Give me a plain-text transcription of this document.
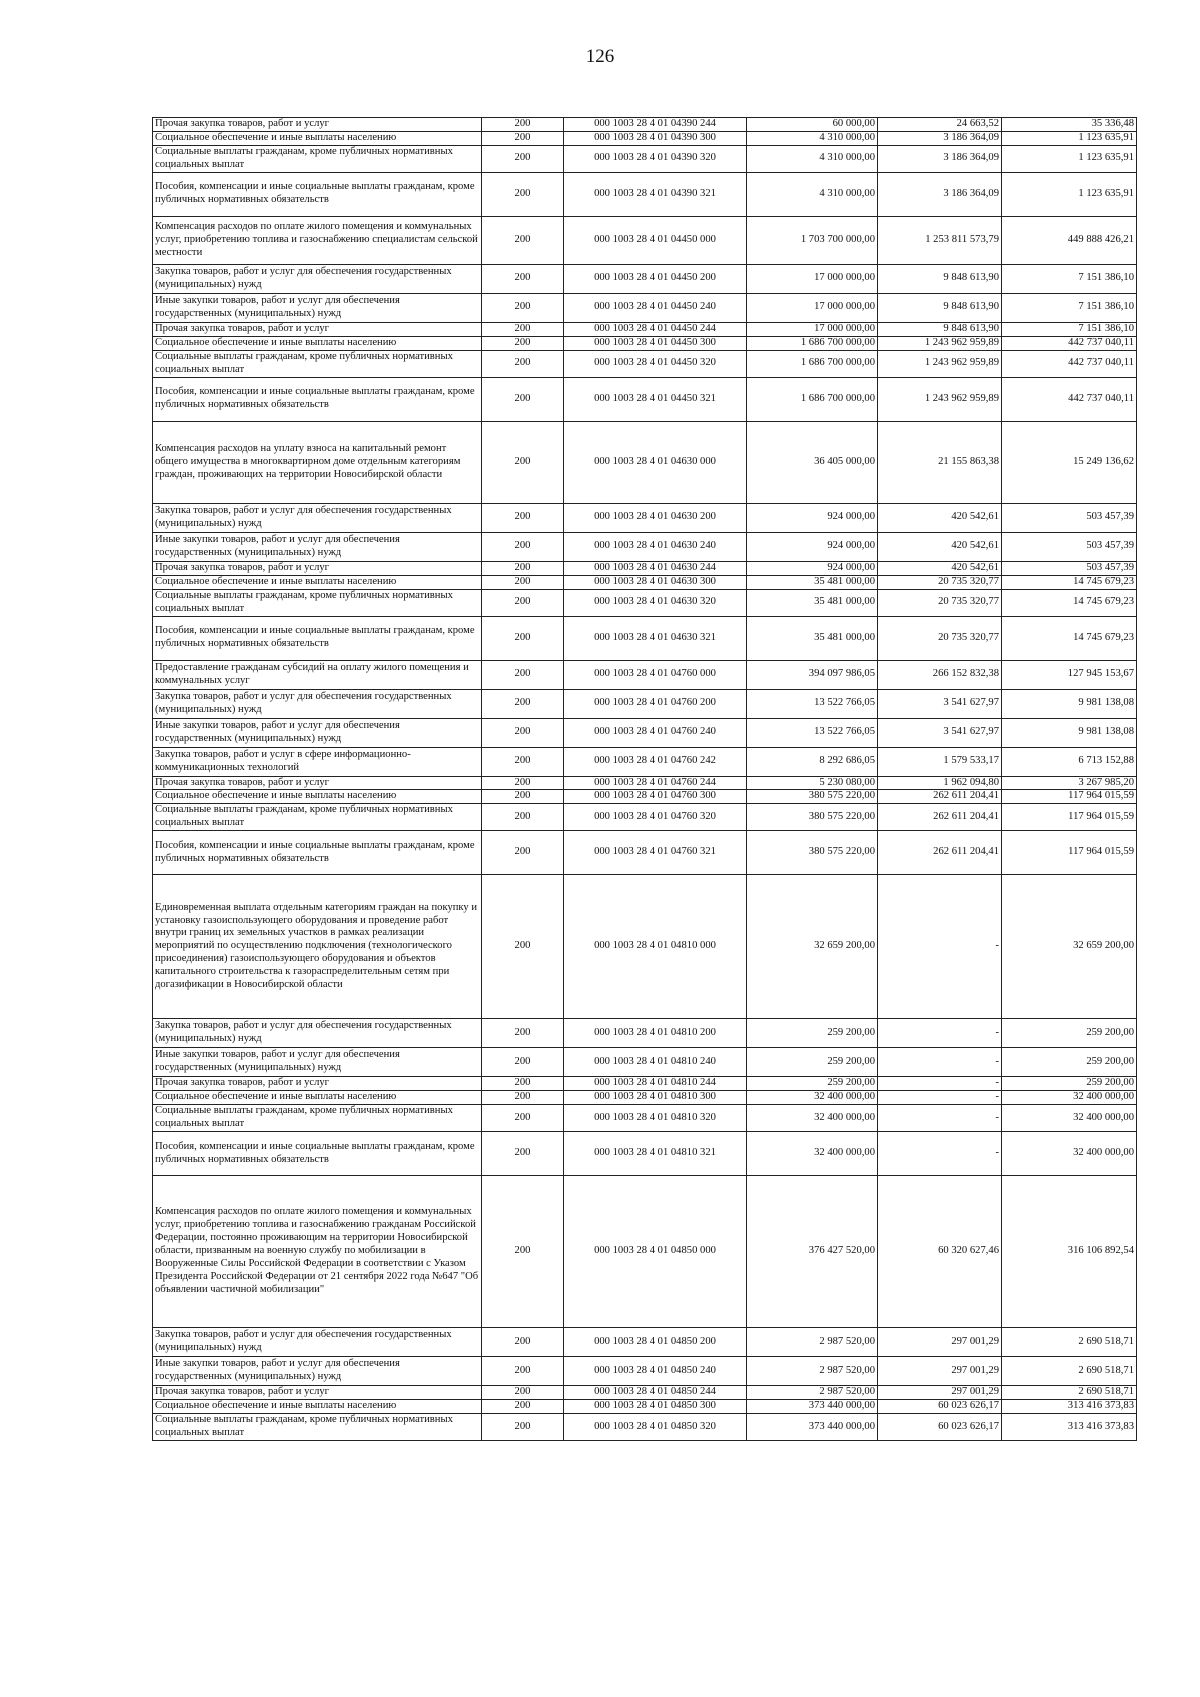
126
Прочая закупка товаров, работ и услуг	200	000 1003 28 4 01 04390 244	60 000,00	24 663,52	35 336,48
Социальное обеспечение и иные выплаты населению	200	000 1003 28 4 01 04390 300	4 310 000,00	3 186 364,09	1 123 635,91
Социальные выплаты гражданам, кроме публичных нормативных социальных выплат	200	000 1003 28 4 01 04390 320	4 310 000,00	3 186 364,09	1 123 635,91
Пособия, компенсации и иные социальные выплаты гражданам, кроме публичных нормативных обязательств	200	000 1003 28 4 01 04390 321	4 310 000,00	3 186 364,09	1 123 635,91
Компенсация расходов по оплате жилого помещения и коммунальных услуг, приобретению топлива и газоснабжению специалистам сельской местности	200	000 1003 28 4 01 04450 000	1 703 700 000,00	1 253 811 573,79	449 888 426,21
Закупка товаров, работ и услуг для обеспечения государственных (муниципальных) нужд	200	000 1003 28 4 01 04450 200	17 000 000,00	9 848 613,90	7 151 386,10
Иные закупки товаров, работ и услуг для обеспечения государственных (муниципальных) нужд	200	000 1003 28 4 01 04450 240	17 000 000,00	9 848 613,90	7 151 386,10
Прочая закупка товаров, работ и услуг	200	000 1003 28 4 01 04450 244	17 000 000,00	9 848 613,90	7 151 386,10
Социальное обеспечение и иные выплаты населению	200	000 1003 28 4 01 04450 300	1 686 700 000,00	1 243 962 959,89	442 737 040,11
Социальные выплаты гражданам, кроме публичных нормативных социальных выплат	200	000 1003 28 4 01 04450 320	1 686 700 000,00	1 243 962 959,89	442 737 040,11
Пособия, компенсации и иные социальные выплаты гражданам, кроме публичных нормативных обязательств	200	000 1003 28 4 01 04450 321	1 686 700 000,00	1 243 962 959,89	442 737 040,11
Компенсация расходов на уплату взноса на капитальный ремонт общего имущества в многоквартирном доме отдельным категориям граждан, проживающих на территории Новосибирской области	200	000 1003 28 4 01 04630 000	36 405 000,00	21 155 863,38	15 249 136,62
Закупка товаров, работ и услуг для обеспечения государственных (муниципальных) нужд	200	000 1003 28 4 01 04630 200	924 000,00	420 542,61	503 457,39
Иные закупки товаров, работ и услуг для обеспечения государственных (муниципальных) нужд	200	000 1003 28 4 01 04630 240	924 000,00	420 542,61	503 457,39
Прочая закупка товаров, работ и услуг	200	000 1003 28 4 01 04630 244	924 000,00	420 542,61	503 457,39
Социальное обеспечение и иные выплаты населению	200	000 1003 28 4 01 04630 300	35 481 000,00	20 735 320,77	14 745 679,23
Социальные выплаты гражданам, кроме публичных нормативных социальных выплат	200	000 1003 28 4 01 04630 320	35 481 000,00	20 735 320,77	14 745 679,23
Пособия, компенсации и иные социальные выплаты гражданам, кроме публичных нормативных обязательств	200	000 1003 28 4 01 04630 321	35 481 000,00	20 735 320,77	14 745 679,23
Предоставление гражданам субсидий на оплату жилого помещения и коммунальных услуг	200	000 1003 28 4 01 04760 000	394 097 986,05	266 152 832,38	127 945 153,67
Закупка товаров, работ и услуг для обеспечения государственных (муниципальных) нужд	200	000 1003 28 4 01 04760 200	13 522 766,05	3 541 627,97	9 981 138,08
Иные закупки товаров, работ и услуг для обеспечения государственных (муниципальных) нужд	200	000 1003 28 4 01 04760 240	13 522 766,05	3 541 627,97	9 981 138,08
Закупка товаров, работ и услуг в сфере информационно-коммуникационных технологий	200	000 1003 28 4 01 04760 242	8 292 686,05	1 579 533,17	6 713 152,88
Прочая закупка товаров, работ и услуг	200	000 1003 28 4 01 04760 244	5 230 080,00	1 962 094,80	3 267 985,20
Социальное обеспечение и иные выплаты населению	200	000 1003 28 4 01 04760 300	380 575 220,00	262 611 204,41	117 964 015,59
Социальные выплаты гражданам, кроме публичных нормативных социальных выплат	200	000 1003 28 4 01 04760 320	380 575 220,00	262 611 204,41	117 964 015,59
Пособия, компенсации и иные социальные выплаты гражданам, кроме публичных нормативных обязательств	200	000 1003 28 4 01 04760 321	380 575 220,00	262 611 204,41	117 964 015,59
Единовременная выплата отдельным категориям граждан на покупку и установку газоиспользующего оборудования и проведение работ внутри границ их земельных участков в рамках реализации мероприятий по осуществлению подключения (технологического присоединения) газоиспользующего оборудования и объектов капитального строительства к газораспределительным сетям при догазификации в Новосибирской области	200	000 1003 28 4 01 04810 000	32 659 200,00	-	32 659 200,00
Закупка товаров, работ и услуг для обеспечения государственных (муниципальных) нужд	200	000 1003 28 4 01 04810 200	259 200,00	-	259 200,00
Иные закупки товаров, работ и услуг для обеспечения государственных (муниципальных) нужд	200	000 1003 28 4 01 04810 240	259 200,00	-	259 200,00
Прочая закупка товаров, работ и услуг	200	000 1003 28 4 01 04810 244	259 200,00	-	259 200,00
Социальное обеспечение и иные выплаты населению	200	000 1003 28 4 01 04810 300	32 400 000,00	-	32 400 000,00
Социальные выплаты гражданам, кроме публичных нормативных социальных выплат	200	000 1003 28 4 01 04810 320	32 400 000,00	-	32 400 000,00
Пособия, компенсации и иные социальные выплаты гражданам, кроме публичных нормативных обязательств	200	000 1003 28 4 01 04810 321	32 400 000,00	-	32 400 000,00
Компенсация расходов по оплате жилого помещения и коммунальных услуг, приобретению топлива и газоснабжению гражданам Российской Федерации, постоянно проживающим на территории Новосибирской области, призванным на военную службу по мобилизации в Вооруженные Силы Российской Федерации в соответствии с Указом Президента Российской Федерации от 21 сентября 2022 года №647 "Об объявлении частичной мобилизации"	200	000 1003 28 4 01 04850 000	376 427 520,00	60 320 627,46	316 106 892,54
Закупка товаров, работ и услуг для обеспечения государственных (муниципальных) нужд	200	000 1003 28 4 01 04850 200	2 987 520,00	297 001,29	2 690 518,71
Иные закупки товаров, работ и услуг для обеспечения государственных (муниципальных) нужд	200	000 1003 28 4 01 04850 240	2 987 520,00	297 001,29	2 690 518,71
Прочая закупка товаров, работ и услуг	200	000 1003 28 4 01 04850 244	2 987 520,00	297 001,29	2 690 518,71
Социальное обеспечение и иные выплаты населению	200	000 1003 28 4 01 04850 300	373 440 000,00	60 023 626,17	313 416 373,83
Социальные выплаты гражданам, кроме публичных нормативных социальных выплат	200	000 1003 28 4 01 04850 320	373 440 000,00	60 023 626,17	313 416 373,83
